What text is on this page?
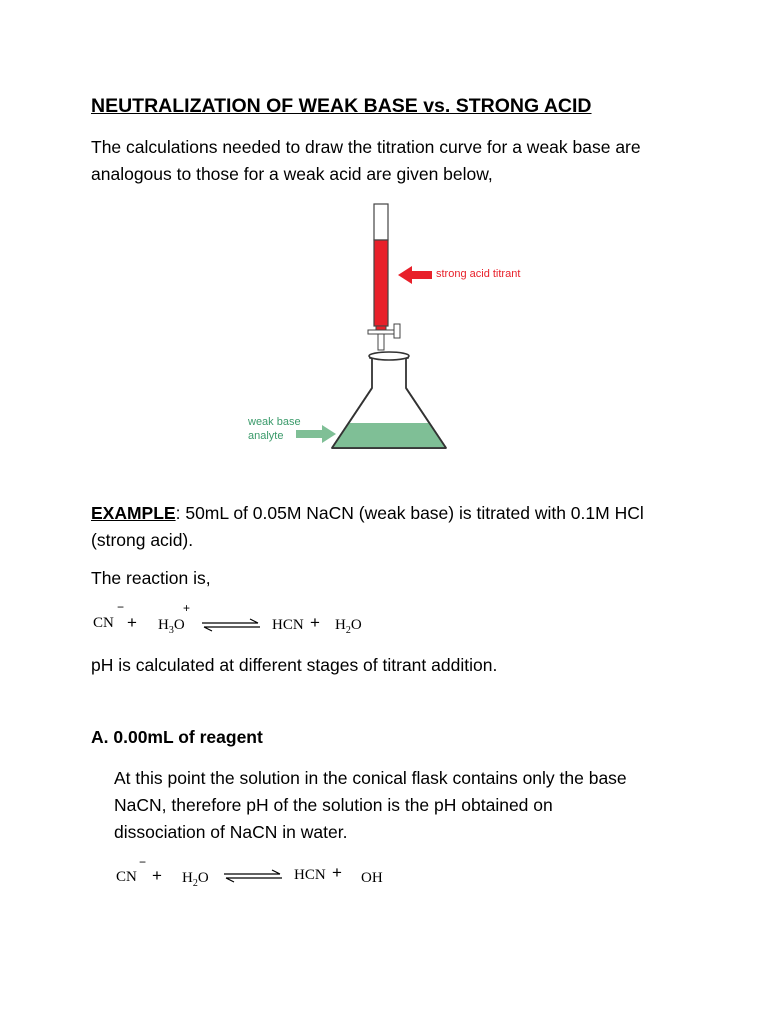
NEUTRALIZATION OF WEAK BASE vs. STRONG ACID
The calculations needed to draw the titration curve for a weak base are
analogous to those for a weak acid are given below,
strong acid titrant
weak base
analyte
EXAMPLE: 50mL of 0.05M NaCN (weak base) is titrated with 0.1M HCl
(strong acid).
The reaction is,
CN
−
+ $H_3O$
+
⇌ HCN + $H_2O$
pH is calculated at different stages of titrant addition.
A. 0.00mL of reagent
At this point the solution in the conical flask contains only the base
NaCN, therefore pH of the solution is the pH obtained on
dissociation of NaCN in water.
CN
−
+ $H_2O$ ⇌ HCN + OH
